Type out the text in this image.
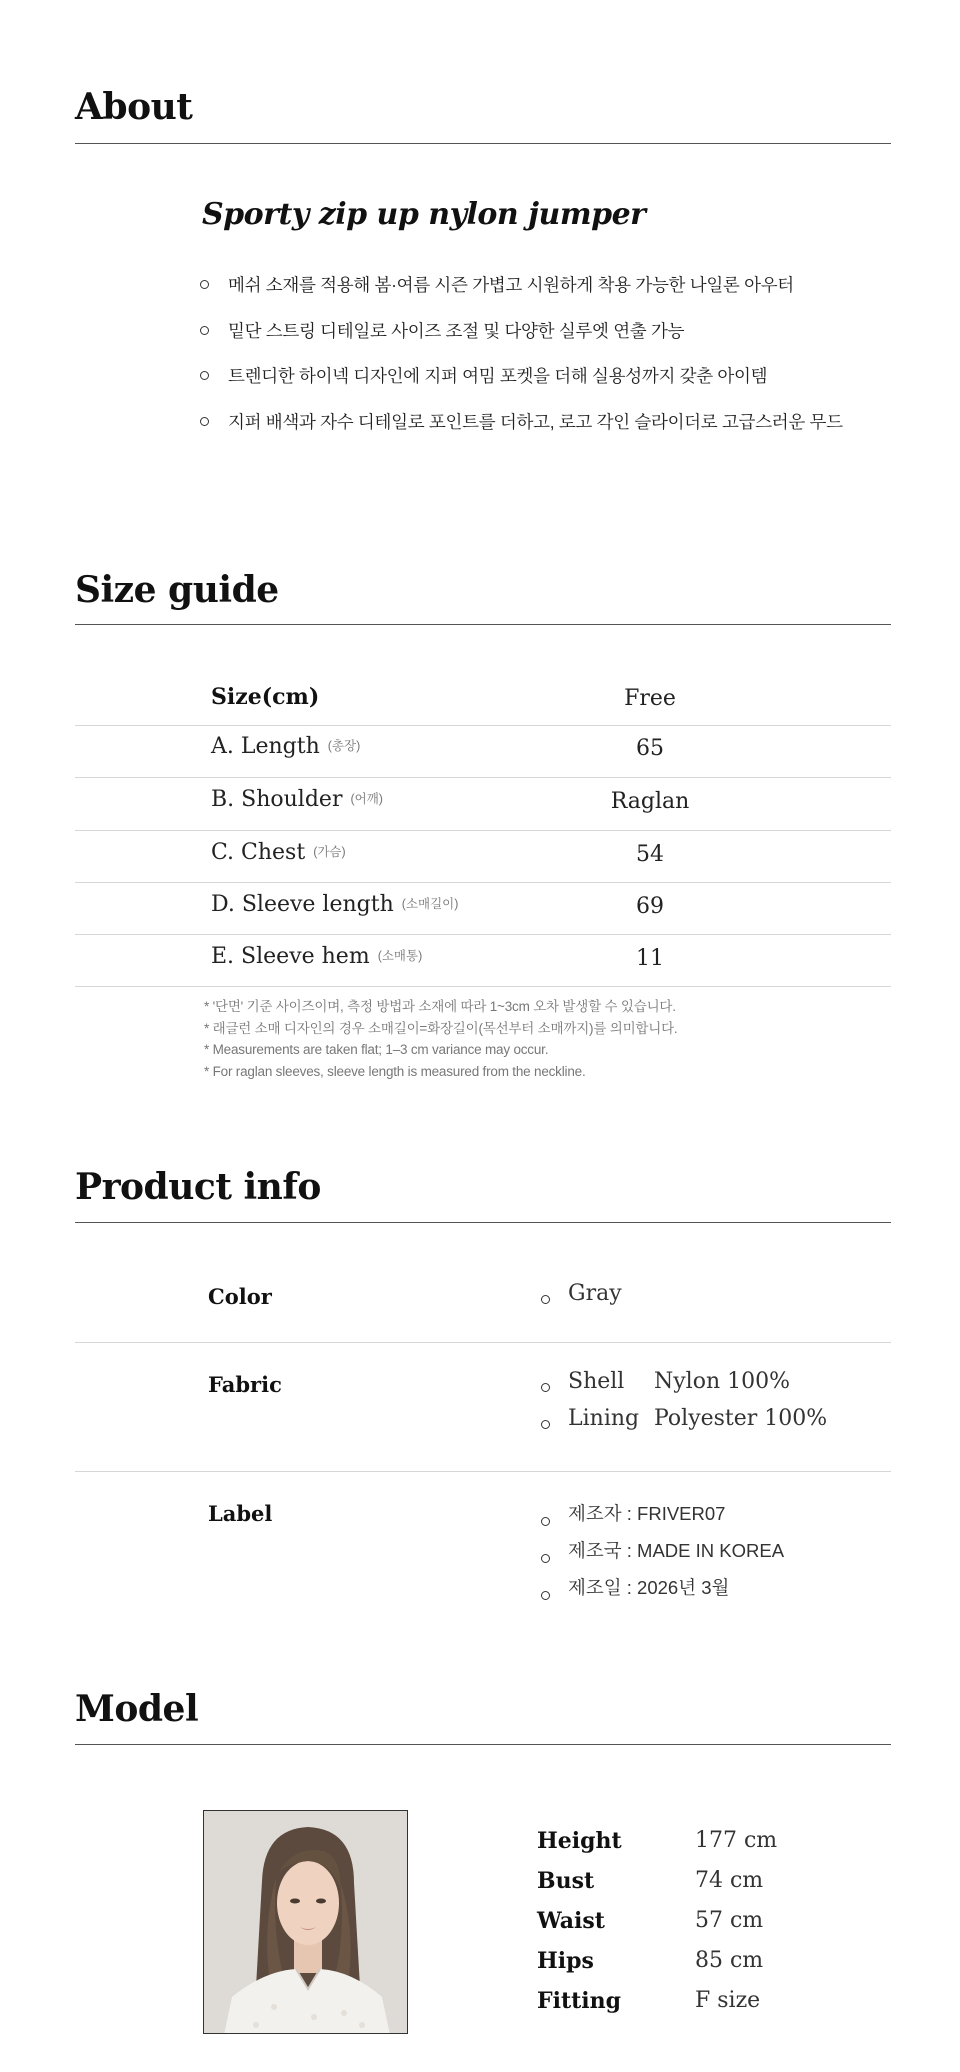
About
Sporty zip up nylon jumper
메쉬 소재를 적용해 봄·여름 시즌 가볍고 시원하게 착용 가능한 나일론 아우터
밑단 스트링 디테일로 사이즈 조절 및 다양한 실루엣 연출 가능
트렌디한 하이넥 디자인에 지퍼 여밈 포켓을 더해 실용성까지 갖춘 아이템
지퍼 배색과 자수 디테일로 포인트를 더하고, 로고 각인 슬라이더로 고급스러운 무드
Size guide
Size(cm)	Free
A. Length (총장)	65
B. Shoulder (어깨)	Raglan
C. Chest (가슴)	54
D. Sleeve length (소매길이)	69
E. Sleeve hem (소매통)	11
* '단면' 기준 사이즈이며, 측정 방법과 소재에 따라 1~3cm 오차 발생할 수 있습니다.
* 래글런 소매 디자인의 경우 소매길이=화장길이(목선부터 소매까지)를 의미합니다.
* Measurements are taken flat; 1–3 cm variance may occur.
* For raglan sleeves, sleeve length is measured from the neckline.
Product info
Color	Gray
Fabric	Shell Nylon 100%
Lining Polyester 100%
Label	제조자 : FRIVER07
제조국 : MADE IN KOREA
제조일 : 2026년 3월
Model
Height	177 cm
Bust	74 cm
Waist	57 cm
Hips	85 cm
Fitting	F size
